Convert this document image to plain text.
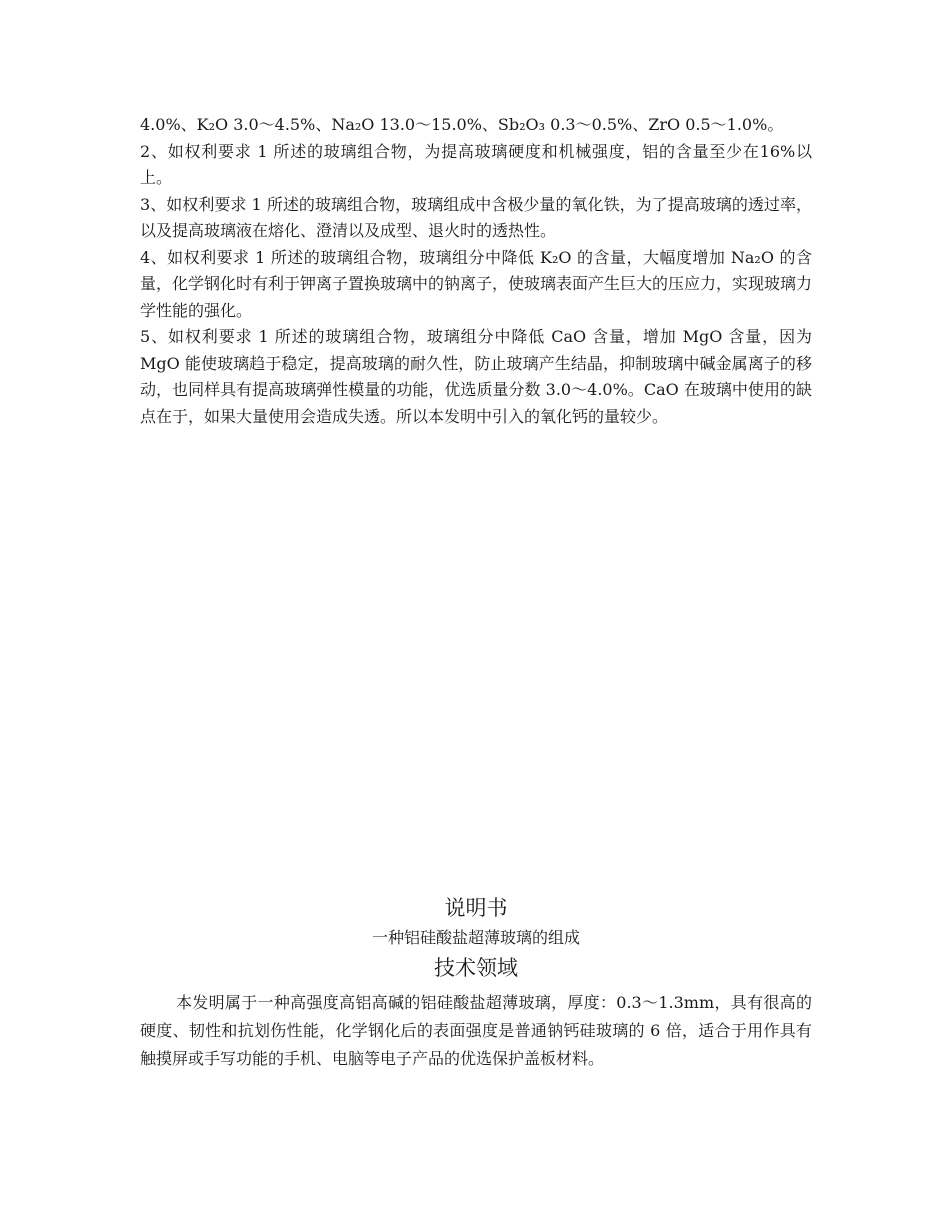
4.0%、K₂O 3.0～4.5%、Na₂O 13.0～15.0%、Sb₂O₃ 0.3～0.5%、ZrO 0.5～1.0%。

2、如权利要求 1 所述的玻璃组合物，为提高玻璃硬度和机械强度，铝的含量至少在16%以上。

3、如权利要求 1 所述的玻璃组合物，玻璃组成中含极少量的氧化铁，为了提高玻璃的透过率，以及提高玻璃液在熔化、澄清以及成型、退火时的透热性。

4、如权利要求 1 所述的玻璃组合物，玻璃组分中降低 K₂O 的含量，大幅度增加 Na₂O 的含量，化学钢化时有利于钾离子置换玻璃中的钠离子，使玻璃表面产生巨大的压应力，实现玻璃力学性能的强化。

5、如权利要求 1 所述的玻璃组合物，玻璃组分中降低 CaO 含量，增加 MgO 含量，因为 MgO 能使玻璃趋于稳定，提高玻璃的耐久性，防止玻璃产生结晶，抑制玻璃中碱金属离子的移动，也同样具有提高玻璃弹性模量的功能，优选质量分数 3.0～4.0%。CaO 在玻璃中使用的缺点在于，如果大量使用会造成失透。所以本发明中引入的氧化钙的量较少。

说明书

一种铝硅酸盐超薄玻璃的组成

技术领域

本发明属于一种高强度高铝高碱的铝硅酸盐超薄玻璃，厚度：0.3～1.3mm，具有很高的硬度、韧性和抗划伤性能，化学钢化后的表面强度是普通钠钙硅玻璃的 6 倍，适合于用作具有触摸屏或手写功能的手机、电脑等电子产品的优选保护盖板材料。
